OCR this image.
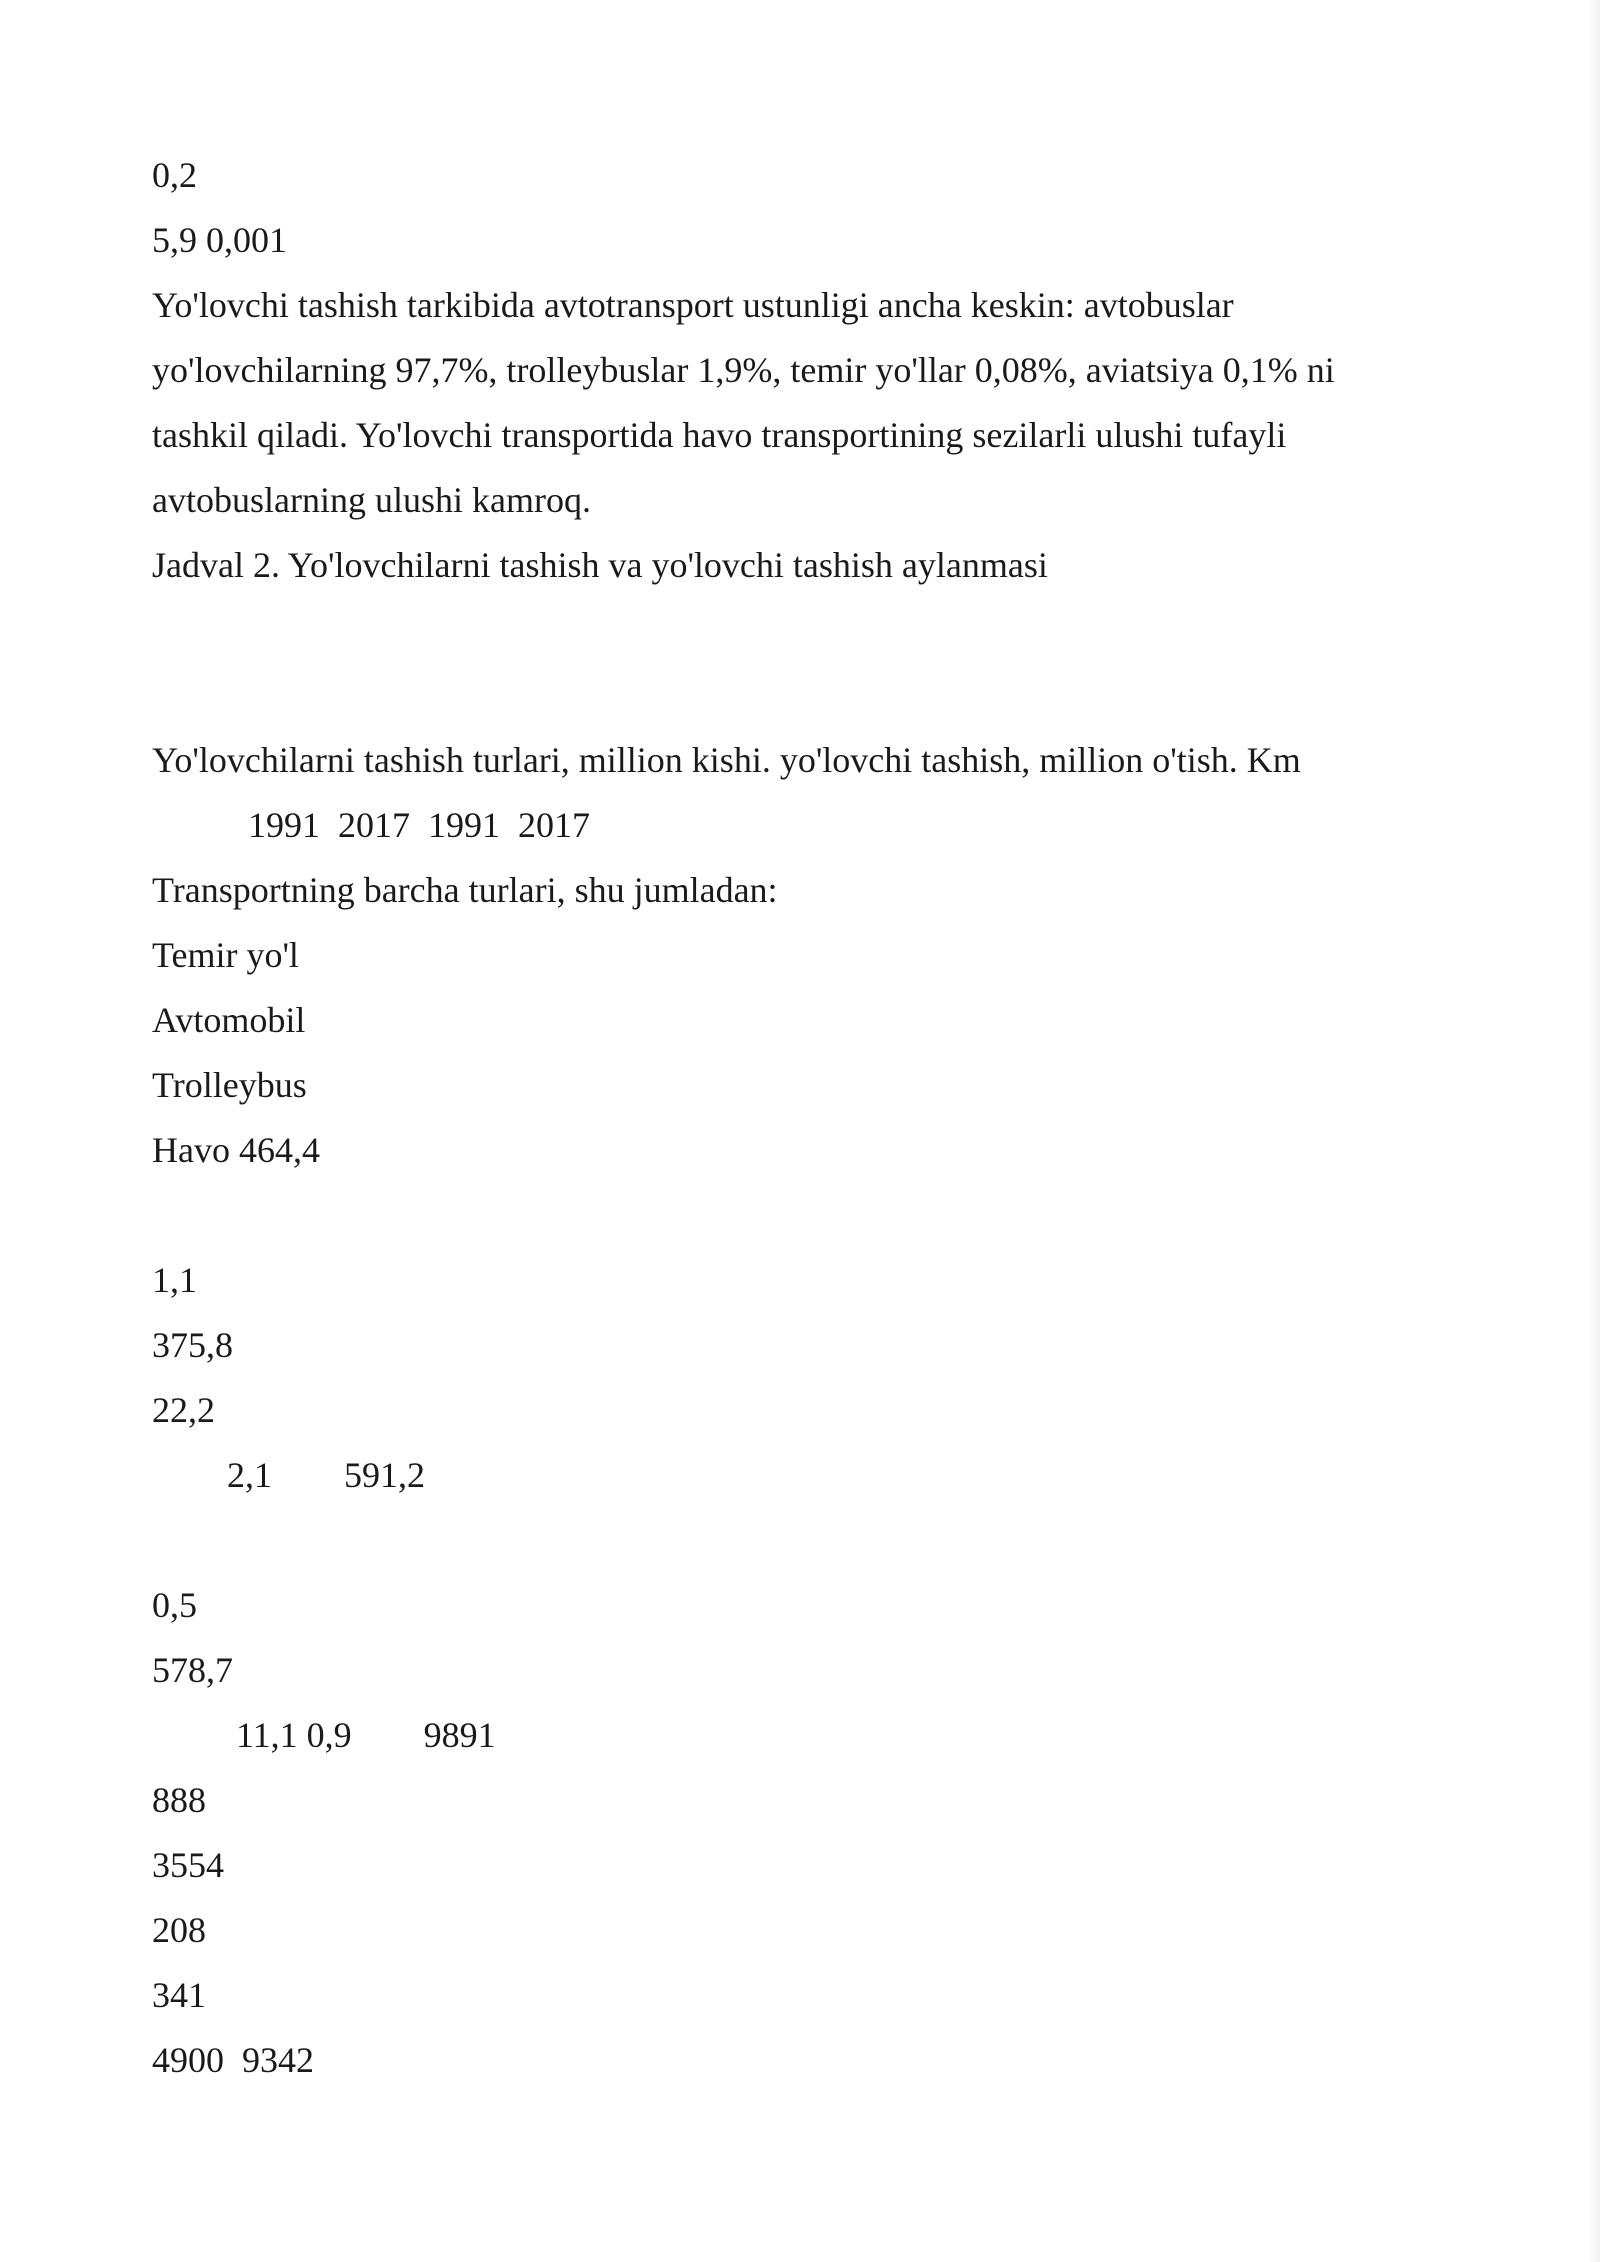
0,2

5,9 0,001

Yo'lovchi tashish tarkibida avtotransport ustunligi ancha keskin: avtobuslar

yo'lovchilarning 97,7%, trolleybuslar 1,9%, temir yo'llar 0,08%, aviatsiya 0,1% ni

tashkil qiladi. Yo'lovchi transportida havo transportining sezilarli ulushi tufayli

avtobuslarning ulushi kamroq.

Jadval 2. Yo'lovchilarni tashish va yo'lovchi tashish aylanmasi

Yo'lovchilarni tashish turlari, million kishi. yo'lovchi tashish, million o'tish. Km

1991  2017  1991  2017

Transportning barcha turlari, shu jumladan:

Temir yo'l

Avtomobil

Trolleybus

Havo 464,4

1,1

375,8

22,2

2,1        591,2

0,5

578,7

11,1 0,9        9891

888

3554

208

341

4900  9342
